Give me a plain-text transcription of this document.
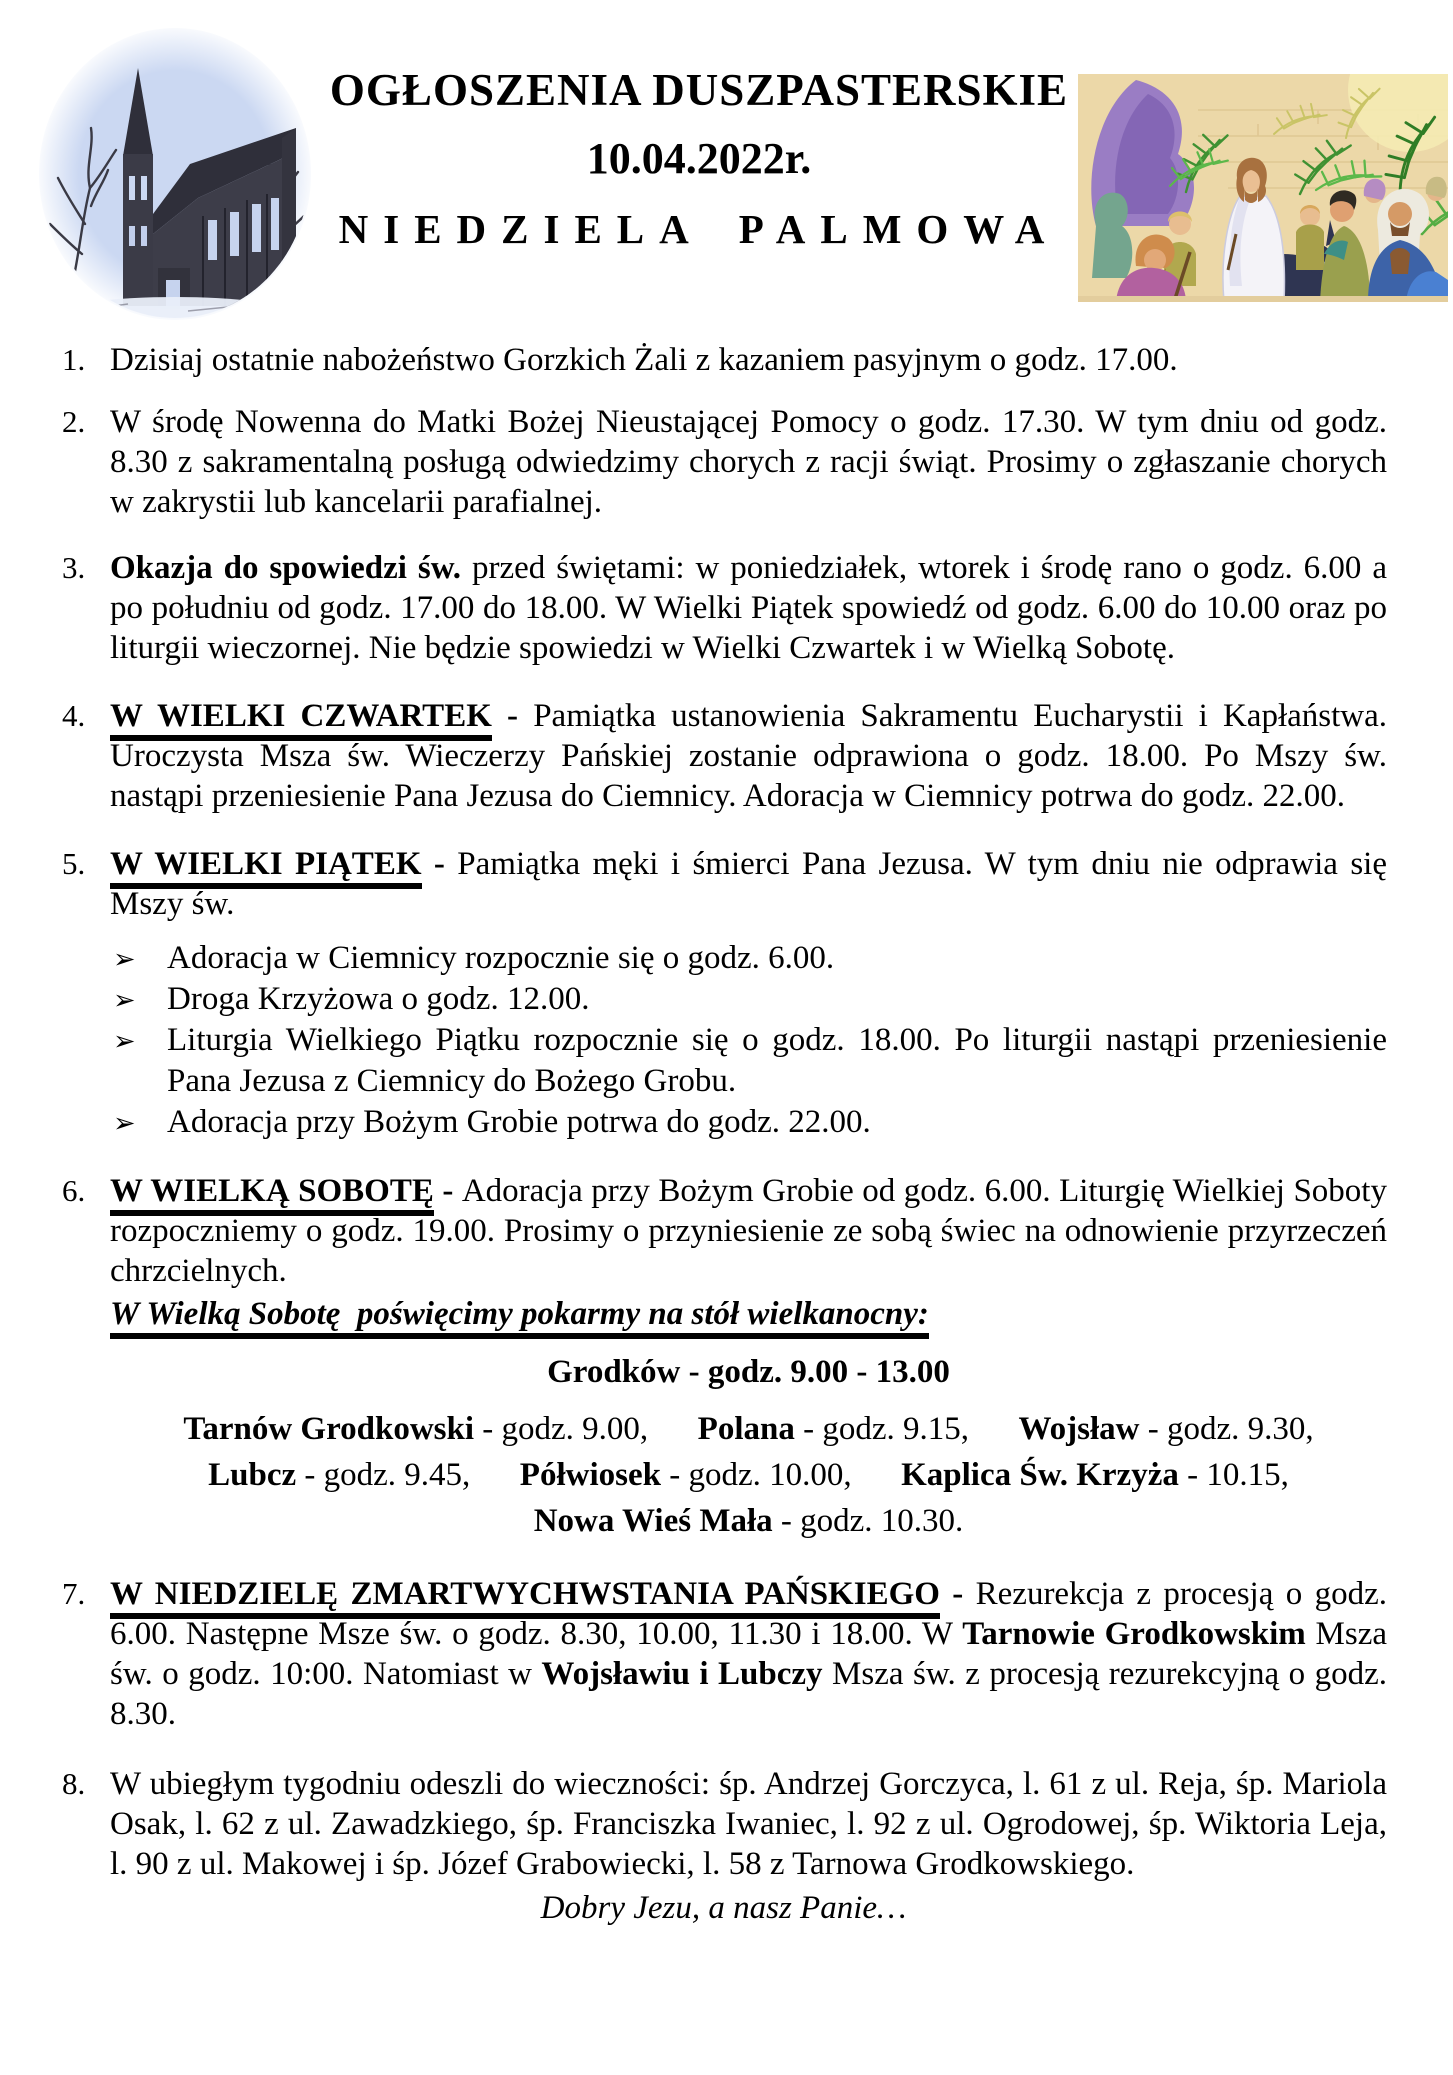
OGŁOSZENIA DUSZPASTERSKIE
10.04.2022r.
NIEDZIELA PALMOWA
1. Dzisiaj ostatnie nabożeństwo Gorzkich Żali z kazaniem pasyjnym o godz. 17.00.
2. W środę Nowenna do Matki Bożej Nieustającej Pomocy o godz. 17.30. W tym dniu od godz. 8.30 z sakramentalną posługą odwiedzimy chorych z racji świąt. Prosimy o zgłaszanie chorych w zakrystii lub kancelarii parafialnej.
3. Okazja do spowiedzi św. przed świętami: w poniedziałek, wtorek i środę rano o godz. 6.00 a po południu od godz. 17.00 do 18.00. W Wielki Piątek spowiedź od godz. 6.00 do 10.00 oraz po liturgii wieczornej. Nie będzie spowiedzi w Wielki Czwartek i w Wielką Sobotę.
4. W WIELKI CZWARTEK - Pamiątka ustanowienia Sakramentu Eucharystii i Kapłaństwa. Uroczysta Msza św. Wieczerzy Pańskiej zostanie odprawiona o godz. 18.00. Po Mszy św. nastąpi przeniesienie Pana Jezusa do Ciemnicy. Adoracja w Ciemnicy potrwa do godz. 22.00.
5. W WIELKI PIĄTEK - Pamiątka męki i śmierci Pana Jezusa. W tym dniu nie odprawia się Mszy św.
➢ Adoracja w Ciemnicy rozpocznie się o godz. 6.00.
➢ Droga Krzyżowa o godz. 12.00.
➢ Liturgia Wielkiego Piątku rozpocznie się o godz. 18.00. Po liturgii nastąpi przeniesienie Pana Jezusa z Ciemnicy do Bożego Grobu.
➢ Adoracja przy Bożym Grobie potrwa do godz. 22.00.
6. W WIELKĄ SOBOTĘ - Adoracja przy Bożym Grobie od godz. 6.00. Liturgię Wielkiej Soboty rozpoczniemy o godz. 19.00. Prosimy o przyniesienie ze sobą świec na odnowienie przyrzeczeń chrzcielnych.
W Wielką Sobotę  poświęcimy pokarmy na stół wielkanocny:
Grodków - godz. 9.00 - 13.00
Tarnów Grodkowski - godz. 9.00,      Polana - godz. 9.15,      Wojsław - godz. 9.30,
Lubcz - godz. 9.45,      Półwiosek - godz. 10.00,      Kaplica Św. Krzyża - 10.15,
Nowa Wieś Mała - godz. 10.30.
7. W NIEDZIELĘ ZMARTWYCHWSTANIA PAŃSKIEGO - Rezurekcja z procesją o godz. 6.00. Następne Msze św. o godz. 8.30, 10.00, 11.30 i 18.00. W Tarnowie Grodkowskim Msza św. o godz. 10:00. Natomiast w Wojsławiu i Lubczy Msza św. z procesją rezurekcyjną o godz. 8.30.
8. W ubiegłym tygodniu odeszli do wieczności: śp. Andrzej Gorczyca, l. 61 z ul. Reja, śp. Mariola Osak, l. 62 z ul. Zawadzkiego, śp. Franciszka Iwaniec, l. 92 z ul. Ogrodowej, śp. Wiktoria Leja, l. 90 z ul. Makowej i śp. Józef Grabowiecki, l. 58 z Tarnowa Grodkowskiego.
Dobry Jezu, a nasz Panie…
